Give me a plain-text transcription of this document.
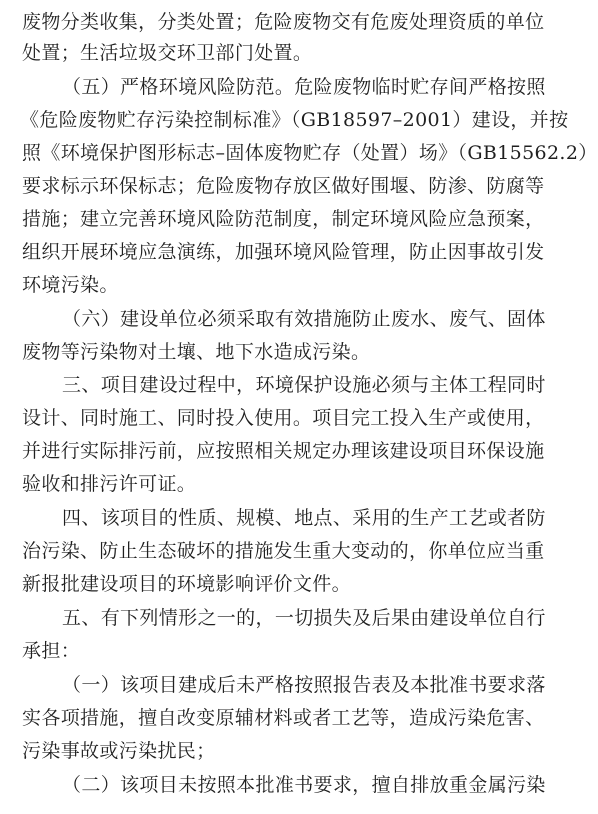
废物分类收集，分类处置；危险废物交有危废处理资质的单位
处置；生活垃圾交环卫部门处置。
（五）严格环境风险防范。危险废物临时贮存间严格按照
《危险废物贮存污染控制标准》（GB18597–2001）建设，并按
照《环境保护图形标志–固体废物贮存（处置）场》（GB15562.2）
要求标示环保标志；危险废物存放区做好围堰、防渗、防腐等
措施；建立完善环境风险防范制度，制定环境风险应急预案，
组织开展环境应急演练，加强环境风险管理，防止因事故引发
环境污染。
（六）建设单位必须采取有效措施防止废水、废气、固体
废物等污染物对土壤、地下水造成污染。
三、项目建设过程中，环境保护设施必须与主体工程同时
设计、同时施工、同时投入使用。项目完工投入生产或使用，
并进行实际排污前，应按照相关规定办理该建设项目环保设施
验收和排污许可证。
四、该项目的性质、规模、地点、采用的生产工艺或者防
治污染、防止生态破坏的措施发生重大变动的，你单位应当重
新报批建设项目的环境影响评价文件。
五、有下列情形之一的，一切损失及后果由建设单位自行
承担：
（一）该项目建成后未严格按照报告表及本批准书要求落
实各项措施，擅自改变原辅材料或者工艺等，造成污染危害、
污染事故或污染扰民；
（二）该项目未按照本批准书要求，擅自排放重金属污染
